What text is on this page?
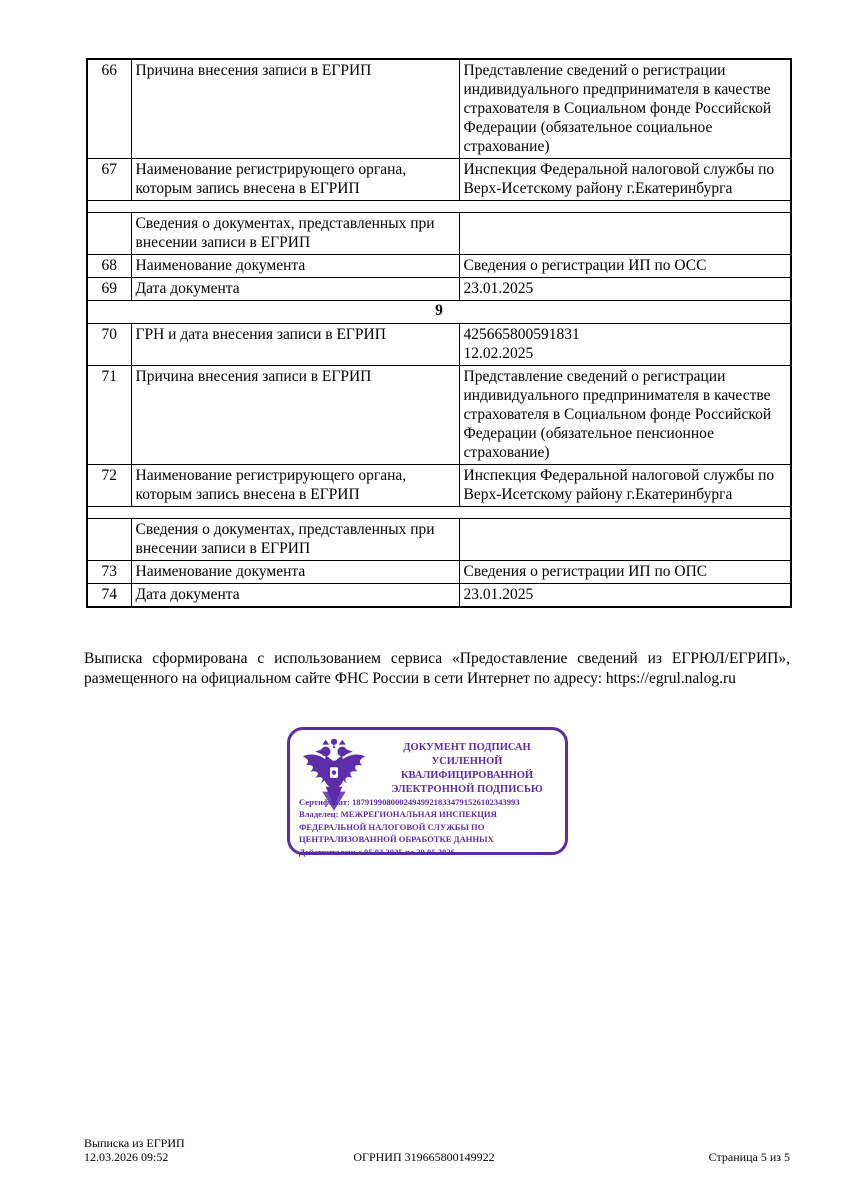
66	Причина внесения записи в ЕГРИП	Представление сведений о регистрации индивидуального предпринимателя в качестве страхователя в Социальном фонде Российской Федерации (обязательное социальное страхование)
67	Наименование регистрирующего органа, которым запись внесена в ЕГРИП	Инспекция Федеральной налоговой службы по Верх-Исетскому району г.Екатеринбурга

	Сведения о документах, представленных при внесении записи в ЕГРИП	
68	Наименование документа	Сведения о регистрации ИП по ОСС
69	Дата документа	23.01.2025
9		
70	ГРН и дата внесения записи в ЕГРИП	425665800591831
12.02.2025

71	Причина внесения записи в ЕГРИП	Представление сведений о регистрации индивидуального предпринимателя в качестве страхователя в Социальном фонде Российской Федерации (обязательное пенсионное страхование)
72	Наименование регистрирующего органа, которым запись внесена в ЕГРИП	Инспекция Федеральной налоговой службы по Верх-Исетскому району г.Екатеринбурга

	Сведения о документах, представленных при внесении записи в ЕГРИП	
73	Наименование документа	Сведения о регистрации ИП по ОПС
74	Дата документа	23.01.2025
Выписка сформирована с использованием сервиса «Предоставление сведений из ЕГРЮЛ/ЕГРИП», размещенного на официальном сайте ФНС России в сети Интернет по адресу: https://egrul.nalog.ru
ДОКУМЕНТ ПОДПИСАН
УСИЛЕННОЙ КВАЛИФИЦИРОВАННОЙ
ЭЛЕКТРОННОЙ ПОДПИСЬЮ
Сертификат: 187919908000249499218334791526102343993
Владелец: МЕЖРЕГИОНАЛЬНАЯ ИНСПЕКЦИЯ ФЕДЕРАЛЬНОЙ НАЛОГОВОЙ СЛУЖБЫ ПО ЦЕНТРАЛИЗОВАННОЙ ОБРАБОТКЕ ДАННЫХ
Действителен: с 05.03.2025 по 29.05.2026
Выписка из ЕГРИП
12.03.2026 09:52	ОГРНИП 319665800149922	Страница 5 из 5
